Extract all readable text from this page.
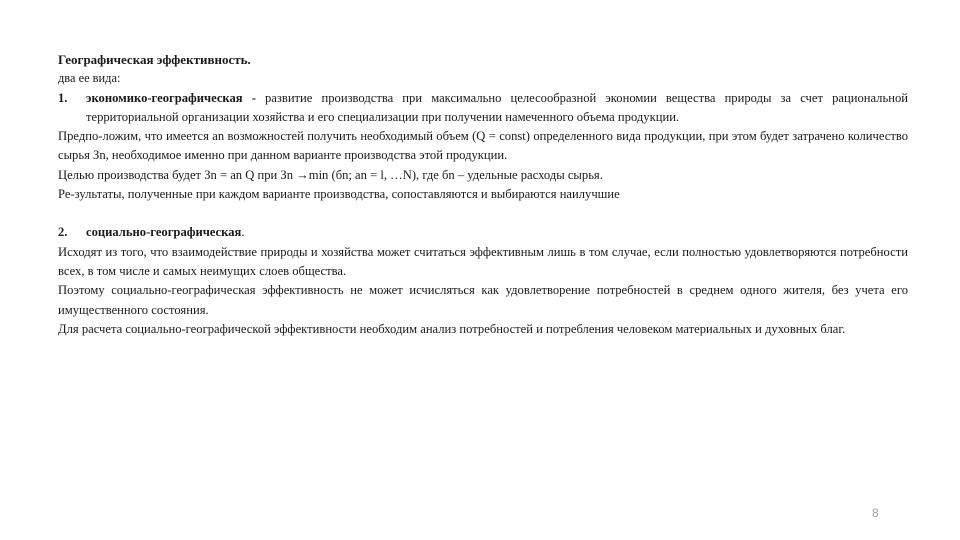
Географическая эффективность.

два ее вида:

1.	экономико-географическая - развитие производства при максимально целесообразной экономии вещества природы за счет рациональной территориальной организации хозяйства и его специализации при получении намеченного объема продукции.

Предпо-ложим, что имеется аn возможностей получить необходимый объем (Q = const) определенного вида продукции, при этом будет затрачено количество сырья Зn, необходимое именно при данном варианте производства этой продукции.

Целью производства будет Зn = аn Q при Зn →min (бn; аn = l, …N), где бn – удельные расходы сырья.

Ре-зультаты, полученные при каждом варианте производства, сопоставляются и выбираются наилучшие

2.	социально-географическая.

Исходят из того, что взаимодействие природы и хозяйства может считаться эффективным лишь в том случае, если полностью удовлетворяются потребности всех, в том числе и самых неимущих слоев общества.

Поэтому социально-географическая эффективность не может исчисляться как удовлетворение потребностей в среднем одного жителя, без учета его имущественного состояния.

Для расчета социально-географической эффективности необходим анализ потребностей и потребления человеком материальных и духовных благ.

8
